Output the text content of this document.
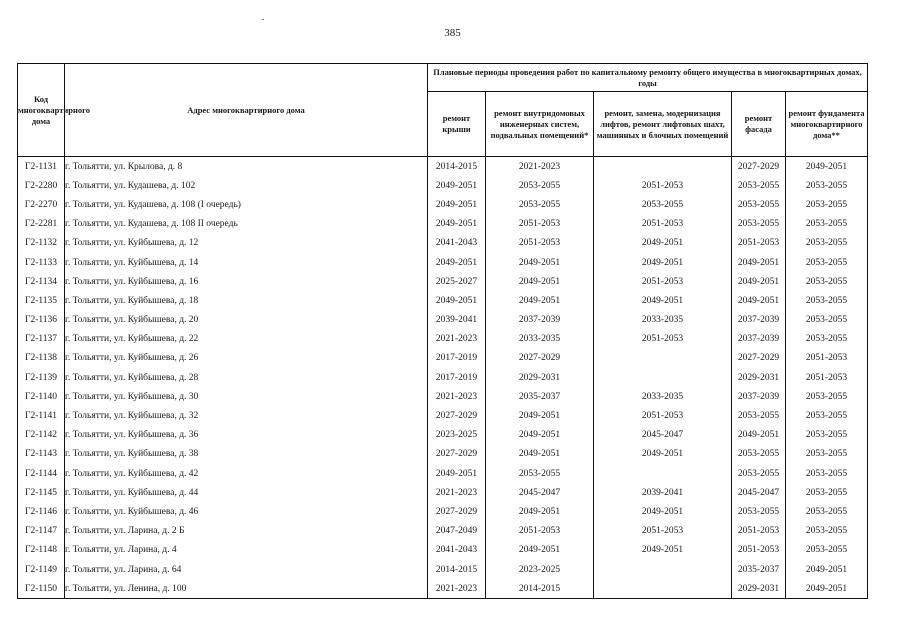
385
Код многоквартирного дома	Адрес многоквартирного дома	Плановые периоды проведения работ по капитальному ремонту общего имущества в многоквартирных домах, годы				
		ремонт крыши	ремонт внутридомовых инженерных систем, подвальных помещений*	ремонт, замена, модернизация лифтов, ремонт лифтовых шахт, машинных и блочных помещений	ремонт фасада	ремонт фундамента многоквартирного дома**
Г2-1131	г. Тольятти, ул. Крылова, д. 8	2014-2015	2021-2023		2027-2029	2049-2051
Г2-2280	г. Тольятти, ул. Кудашева, д. 102	2049-2051	2053-2055	2051-2053	2053-2055	2053-2055
Г2-2270	г. Тольятти, ул. Кудашева, д. 108 (I очередь)	2049-2051	2053-2055	2053-2055	2053-2055	2053-2055
Г2-2281	г. Тольятти, ул. Кудашева, д. 108 II очередь	2049-2051	2051-2053	2051-2053	2053-2055	2053-2055
Г2-1132	г. Тольятти, ул. Куйбышева, д. 12	2041-2043	2051-2053	2049-2051	2051-2053	2053-2055
Г2-1133	г. Тольятти, ул. Куйбышева, д. 14	2049-2051	2049-2051	2049-2051	2049-2051	2053-2055
Г2-1134	г. Тольятти, ул. Куйбышева, д. 16	2025-2027	2049-2051	2051-2053	2049-2051	2053-2055
Г2-1135	г. Тольятти, ул. Куйбышева, д. 18	2049-2051	2049-2051	2049-2051	2049-2051	2053-2055
Г2-1136	г. Тольятти, ул. Куйбышева, д. 20	2039-2041	2037-2039	2033-2035	2037-2039	2053-2055
Г2-1137	г. Тольятти, ул. Куйбышева, д. 22	2021-2023	2033-2035	2051-2053	2037-2039	2053-2055
Г2-1138	г. Тольятти, ул. Куйбышева, д. 26	2017-2019	2027-2029		2027-2029	2051-2053
Г2-1139	г. Тольятти, ул. Куйбышева, д. 28	2017-2019	2029-2031		2029-2031	2051-2053
Г2-1140	г. Тольятти, ул. Куйбышева, д. 30	2021-2023	2035-2037	2033-2035	2037-2039	2053-2055
Г2-1141	г. Тольятти, ул. Куйбышева, д. 32	2027-2029	2049-2051	2051-2053	2053-2055	2053-2055
Г2-1142	г. Тольятти, ул. Куйбышева, д. 36	2023-2025	2049-2051	2045-2047	2049-2051	2053-2055
Г2-1143	г. Тольятти, ул. Куйбышева, д. 38	2027-2029	2049-2051	2049-2051	2053-2055	2053-2055
Г2-1144	г. Тольятти, ул. Куйбышева, д. 42	2049-2051	2053-2055		2053-2055	2053-2055
Г2-1145	г. Тольятти, ул. Куйбышева, д. 44	2021-2023	2045-2047	2039-2041	2045-2047	2053-2055
Г2-1146	г. Тольятти, ул. Куйбышева, д. 46	2027-2029	2049-2051	2049-2051	2053-2055	2053-2055
Г2-1147	г. Тольятти, ул. Ларина, д. 2 Б	2047-2049	2051-2053	2051-2053	2051-2053	2053-2055
Г2-1148	г. Тольятти, ул. Ларина, д. 4	2041-2043	2049-2051	2049-2051	2051-2053	2053-2055
Г2-1149	г. Тольятти, ул. Ларина, д. 64	2014-2015	2023-2025		2035-2037	2049-2051
Г2-1150	г. Тольятти, ул. Ленина, д. 100	2021-2023	2014-2015		2029-2031	2049-2051
